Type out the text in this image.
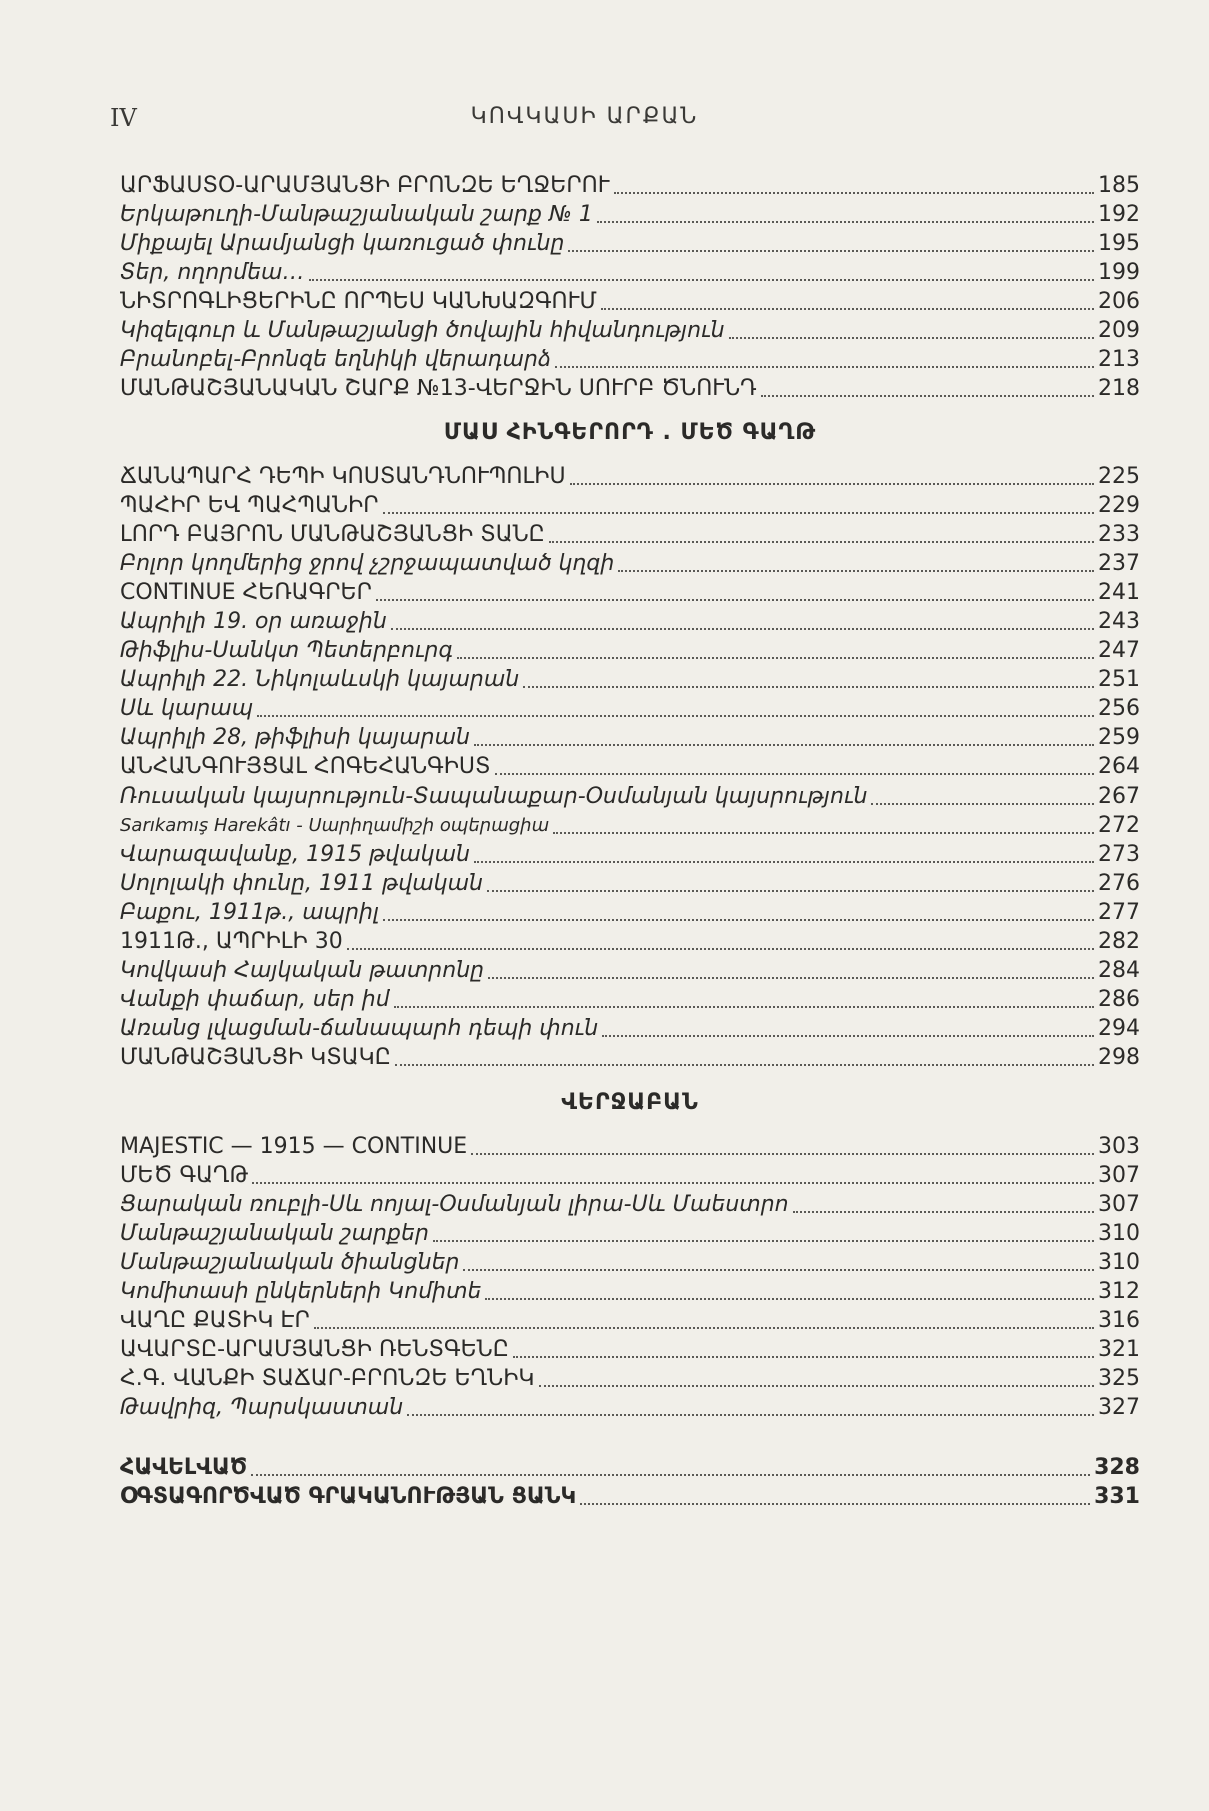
IV	ԿՈՎԿԱՍԻ ԱՐՔԱՆ
ԱՐՖԱՍՏՕ-ԱՐԱՄՅԱՆՑԻ ԲՐՈՆԶԵ ԵՂՋԵՐՈՒ	185
Երկաթուղի-Մանթաշյանական շարք № 1	192
Միքայել Արամյանցի կառուցած փունը	195
Տեր, ողորմեա…	199
ՆԻՏՐՈԳԼԻՑԵՐԻՆԸ ՈՐՊԵՍ ԿԱՆԽԱԶԳՈՒՄ	206
Կիզելգուր և Մանթաշյանցի ծովային հիվանդություն	209
Բրանոբել-Բրոնզե եղնիկի վերադարձ	213
ՄԱՆԹԱՇՅԱՆԱԿԱՆ ՇԱՐՔ №13-ՎԵՐՋԻՆ ՍՈՒՐԲ ԾՆՈՒՆԴ	218
ՄԱՍ ՀԻՆԳԵՐՈՐԴ . ՄԵԾ ԳԱՂԹ
ՃԱՆԱՊԱՐՀ ԴԵՊԻ ԿՈՍՏԱՆԴՆՈՒՊՈԼԻՍ	225
ՊԱՀԻՐ ԵՎ ՊԱՀՊԱՆԻՐ	229
ԼՈՐԴ ԲԱՅՐՈՆ ՄԱՆԹԱՇՅԱՆՑԻ ՏԱՆԸ	233
Բոլոր կողմերից ջրով չշրջապատված կղզի	237
CONTINUE ՀԵՌԱԳՐԵՐ	241
Ապրիլի 19. օր առաջին	243
Թիֆլիս-Սանկտ Պետերբուրգ	247
Ապրիլի 22. Նիկոլաևսկի կայարան	251
Սև կարապ	256
Ապրիլի 28, թիֆլիսի կայարան	259
ԱՆՀԱՆԳՈՒՅՑԱԼ ՀՈԳԵՀԱՆԳԻՍՏ	264
Ռուսական կայսրություն-Տապանաքար-Օսմանյան կայսրություն	267
Sarıkamış Harekâtı - Սարիղամիշի օպերացիա	272
Վարազավանք, 1915 թվական	273
Սոլոլակի փունը, 1911 թվական	276
Բաքու, 1911թ., ապրիլ	277
1911Թ., ԱՊՐԻԼԻ 30	282
Կովկասի Հայկական թատրոնը	284
Վանքի փաճար, սեր իմ	286
Առանց լվացման-ճանապարհ դեպի փուն	294
ՄԱՆԹԱՇՅԱՆՑԻ ԿՏԱԿԸ	298
ՎԵՐՋԱԲԱՆ
MAJESTIC — 1915 — CONTINUE	303
ՄԵԾ ԳԱՂԹ	307
Ցարական ռուբլի-Սև ոոյալ-Օսմանյան լիրա-Սև Մաեստրո	307
Մանթաշյանական շարքեր	310
Մանթաշյանական ծիանցներ	310
Կոմիտասի ընկերների Կոմիտե	312
ՎԱՂԸ ՔԱՏԻԿ ԷՐ	316
ԱՎԱՐՏԸ-ԱՐԱՄՅԱՆՑԻ ՌԵՆՏԳԵՆԸ	321
Հ.Գ. ՎԱՆՔԻ ՏԱՃԱՐ-ԲՐՈՆԶԵ ԵՂՆԻԿ	325
Թավրիզ, Պարսկաստան	327
ՀԱՎԵԼՎԱԾ	328
ՕԳՏԱԳՈՐԾՎԱԾ ԳՐԱԿԱՆՈՒԹՅԱՆ ՑԱՆԿ	331
